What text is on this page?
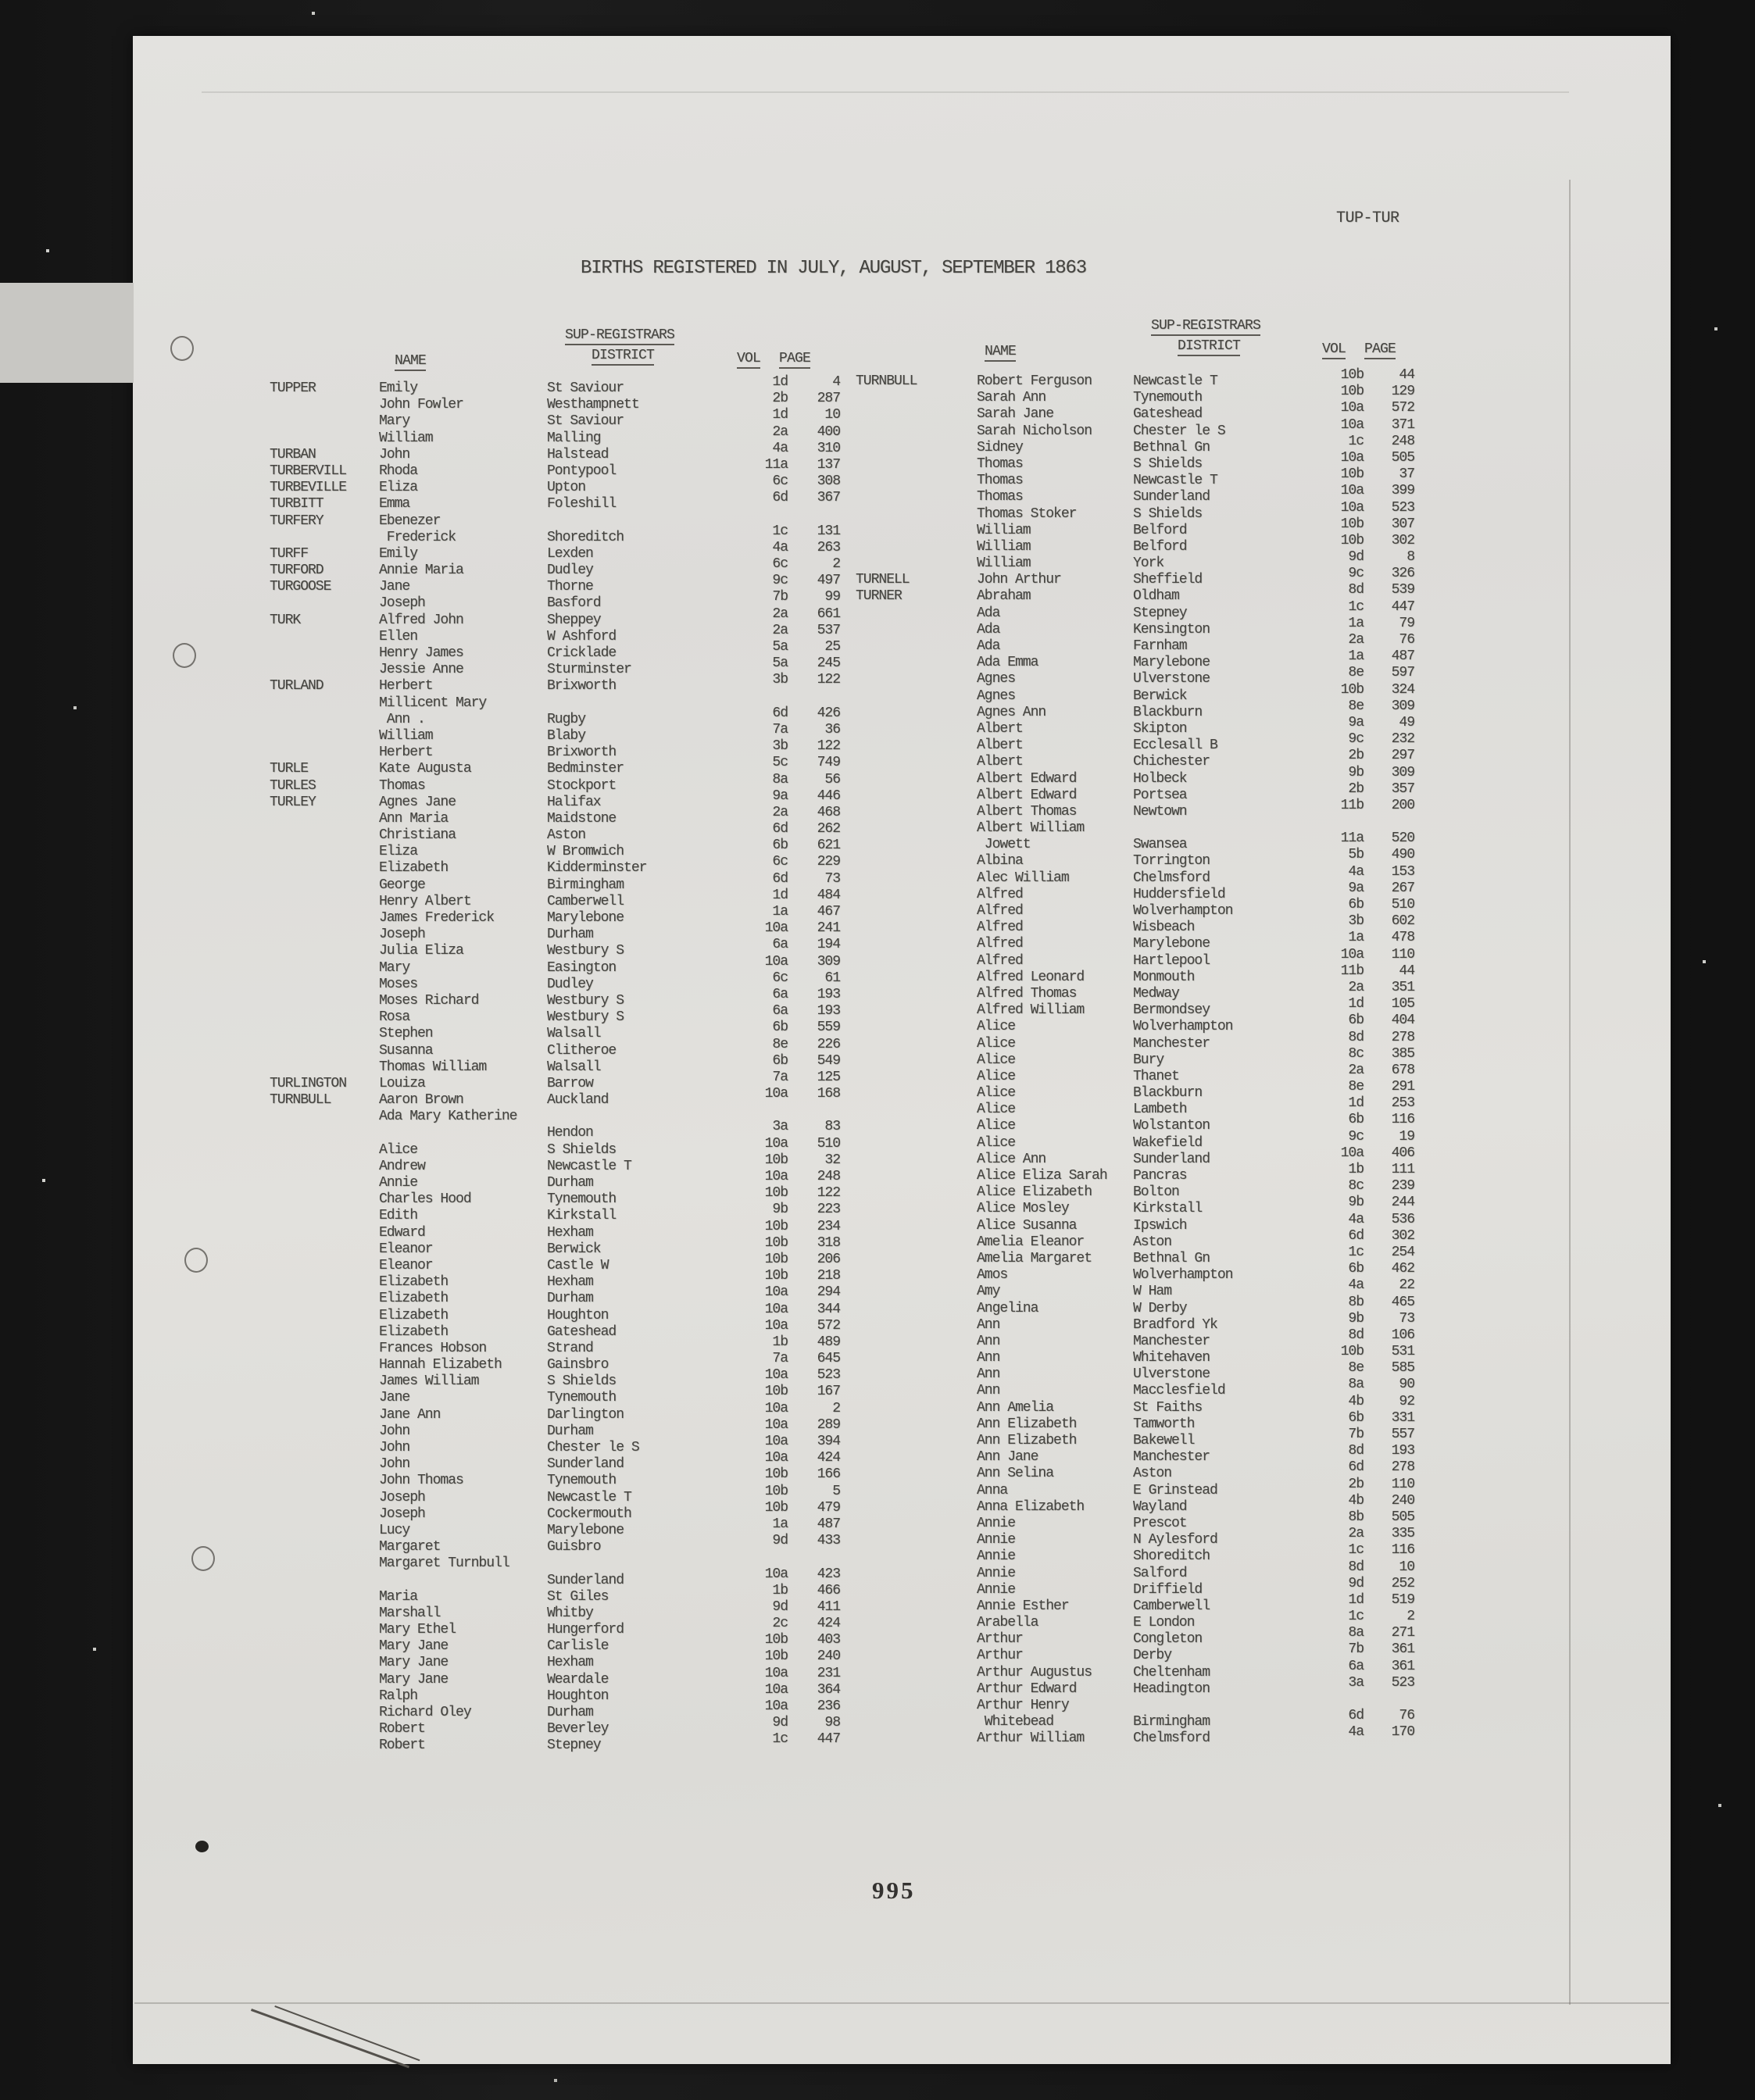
TUP-TUR
BIRTHS REGISTERED IN JULY, AUGUST, SEPTEMBER 1863
NAME
SUP-REGISTRARS
DISTRICT	VOL PAGE	NAME
SUP-REGISTRARS
DISTRICT	VOL PAGE
TUPPER	Emily	St Saviour	1d	4
John Fowler	Westhampnett	2b	287
Mary	St Saviour	1d	10
William	Malling	2a	400
TURBAN	John	Halstead	4a	310
TURBERVILL	Rhoda	Pontypool	11a	137
TURBEVILLE	Eliza	Upton	6c	308
TURBITT	Emma	Foleshill	6d	367
TURFERY	Ebenezer
Frederick	Shoreditch	1c	131
TURFF	Emily	Lexden	4a	263
TURFORD	Annie Maria	Dudley	6c	2
TURGOOSE	Jane	Thorne	9c	497
Joseph	Basford	7b	99
TURK	Alfred John	Sheppey	2a	661
Ellen	W Ashford	2a	537
Henry James	Cricklade	5a	25
Jessie Anne	Sturminster	5a	245
TURLAND	Herbert	Brixworth	3b	122
Millicent Mary
Ann .	Rugby	6d	426
William	Blaby	7a	36
Herbert	Brixworth	3b	122
TURLE	Kate Augusta	Bedminster	5c	749
TURLES	Thomas	Stockport	8a	56
TURLEY	Agnes Jane	Halifax	9a	446
Ann Maria	Maidstone	2a	468
Christiana	Aston	6d	262
Eliza	W Bromwich	6b	621
Elizabeth	Kidderminster	6c	229
George	Birmingham	6d	73
Henry Albert	Camberwell	1d	484
James Frederick	Marylebone	1a	467
Joseph	Durham	10a	241
Julia Eliza	Westbury S	6a	194
Mary	Easington	10a	309
Moses	Dudley	6c	61
Moses Richard	Westbury S	6a	193
Rosa	Westbury S	6a	193
Stephen	Walsall	6b	559
Susanna	Clitheroe	8e	226
Thomas William	Walsall	6b	549
TURLINGTON	Louiza	Barrow	7a	125
TURNBULL	Aaron Brown	Auckland	10a	168
Ada Mary Katherine
Hendon	3a	83
Alice	S Shields	10a	510
Andrew	Newcastle T	10b	32
Annie	Durham	10a	248
Charles Hood	Tynemouth	10b	122
Edith	Kirkstall	9b	223
Edward	Hexham	10b	234
Eleanor	Berwick	10b	318
Eleanor	Castle W	10b	206
Elizabeth	Hexham	10b	218
Elizabeth	Durham	10a	294
Elizabeth	Houghton	10a	344
Elizabeth	Gateshead	10a	572
Frances Hobson	Strand	1b	489
Hannah Elizabeth	Gainsbro	7a	645
James William	S Shields	10a	523
Jane	Tynemouth	10b	167
Jane Ann	Darlington	10a	2
John	Durham	10a	289
John	Chester le S	10a	394
John	Sunderland	10a	424
John Thomas	Tynemouth	10b	166
Joseph	Newcastle T	10b	5
Joseph	Cockermouth	10b	479
Lucy	Marylebone	1a	487
Margaret	Guisbro	9d	433
Margaret Turnbull
Sunderland	10a	423
Maria	St Giles	1b	466
Marshall	Whitby	9d	411
Mary Ethel	Hungerford	2c	424
Mary Jane	Carlisle	10b	403
Mary Jane	Hexham	10b	240
Mary Jane	Weardale	10a	231
Ralph	Houghton	10a	364
Richard Oley	Durham	10a	236
Robert	Beverley	9d	98
Robert	Stepney	1c	447
TURNBULL	Robert Ferguson	Newcastle T	10b	44
Sarah Ann	Tynemouth	10b	129
Sarah Jane	Gateshead	10a	572
Sarah Nicholson	Chester le S	10a	371
Sidney	Bethnal Gn	1c	248
Thomas	S Shields	10a	505
Thomas	Newcastle T	10b	37
Thomas	Sunderland	10a	399
Thomas Stoker	S Shields	10a	523
William	Belford	10b	307
William	Belford	10b	302
William	York	9d	8
TURNELL	John Arthur	Sheffield	9c	326
TURNER	Abraham	Oldham	8d	539
Ada	Stepney	1c	447
Ada	Kensington	1a	79
Ada	Farnham	2a	76
Ada Emma	Marylebone	1a	487
Agnes	Ulverstone	8e	597
Agnes	Berwick	10b	324
Agnes Ann	Blackburn	8e	309
Albert	Skipton	9a	49
Albert	Ecclesall B	9c	232
Albert	Chichester	2b	297
Albert Edward	Holbeck	9b	309
Albert Edward	Portsea	2b	357
Albert Thomas	Newtown	11b	200
Albert William
Jowett	Swansea	11a	520
Albina	Torrington	5b	490
Alec William	Chelmsford	4a	153
Alfred	Huddersfield	9a	267
Alfred	Wolverhampton	6b	510
Alfred	Wisbeach	3b	602
Alfred	Marylebone	1a	478
Alfred	Hartlepool	10a	110
Alfred Leonard	Monmouth	11b	44
Alfred Thomas	Medway	2a	351
Alfred William	Bermondsey	1d	105
Alice	Wolverhampton	6b	404
Alice	Manchester	8d	278
Alice	Bury	8c	385
Alice	Thanet	2a	678
Alice	Blackburn	8e	291
Alice	Lambeth	1d	253
Alice	Wolstanton	6b	116
Alice	Wakefield	9c	19
Alice Ann	Sunderland	10a	406
Alice Eliza Sarah	Pancras	1b	111
Alice Elizabeth	Bolton	8c	239
Alice Mosley	Kirkstall	9b	244
Alice Susanna	Ipswich	4a	536
Amelia Eleanor	Aston	6d	302
Amelia Margaret	Bethnal Gn	1c	254
Amos	Wolverhampton	6b	462
Amy	W Ham	4a	22
Angelina	W Derby	8b	465
Ann	Bradford Yk	9b	73
Ann	Manchester	8d	106
Ann	Whitehaven	10b	531
Ann	Ulverstone	8e	585
Ann	Macclesfield	8a	90
Ann Amelia	St Faiths	4b	92
Ann Elizabeth	Tamworth	6b	331
Ann Elizabeth	Bakewell	7b	557
Ann Jane	Manchester	8d	193
Ann Selina	Aston	6d	278
Anna	E Grinstead	2b	110
Anna Elizabeth	Wayland	4b	240
Annie	Prescot	8b	505
Annie	N Aylesford	2a	335
Annie	Shoreditch	1c	116
Annie	Salford	8d	10
Annie	Driffield	9d	252
Annie Esther	Camberwell	1d	519
Arabella	E London	1c	2
Arthur	Congleton	8a	271
Arthur	Derby	7b	361
Arthur Augustus	Cheltenham	6a	361
Arthur Edward	Headington	3a	523
Arthur Henry
Whitebead	Birmingham	6d	76
Arthur William	Chelmsford	4a	170
995
